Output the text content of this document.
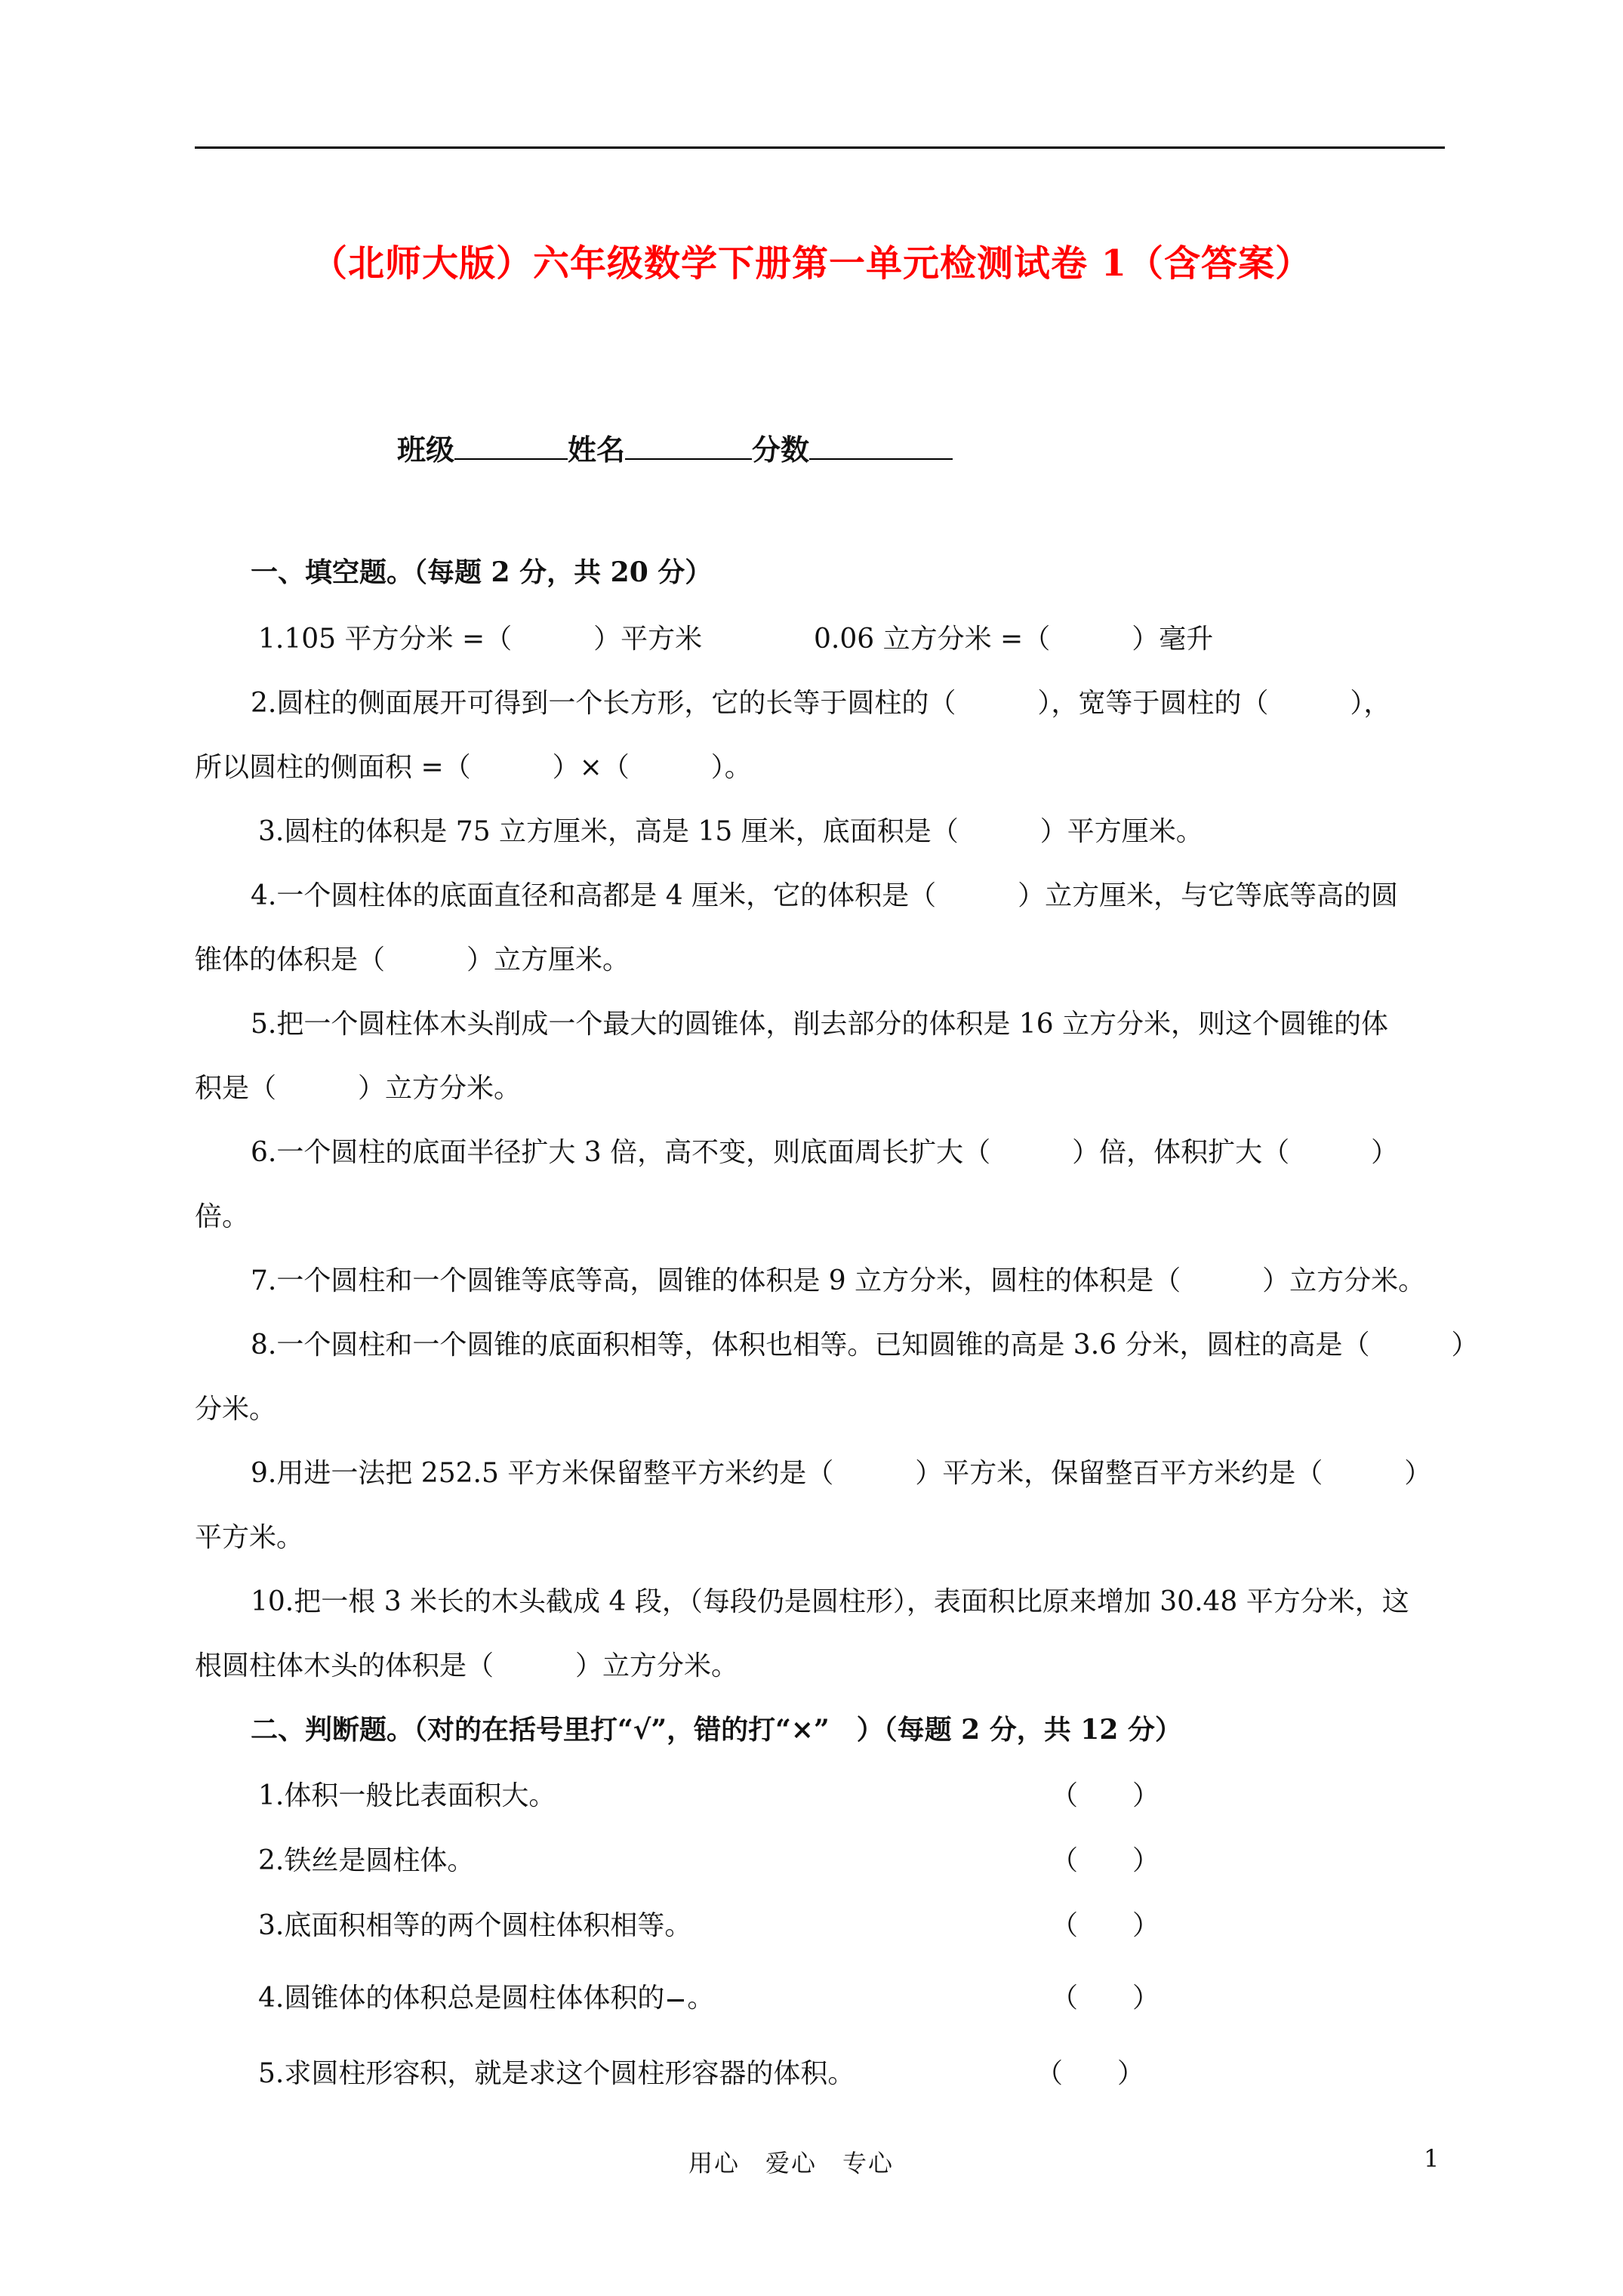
（北师大版）六年级数学下册第一单元检测试卷 1（含答案）
班级	姓名	分数
一、填空题。（每题 2 分，共 20 分）
1.105 平方分米 =（　　　）平方米	0.06 立方分米 =（　　　）毫升
2.圆柱的侧面展开可得到一个长方形，它的长等于圆柱的（　　　），宽等于圆柱的（　　　），
所以圆柱的侧面积 =（　　　）×（　　　）。
3.圆柱的体积是 75 立方厘米，高是 15 厘米，底面积是（　　　）平方厘米。
4.一个圆柱体的底面直径和高都是 4 厘米，它的体积是（　　　）立方厘米，与它等底等高的圆
锥体的体积是（　　　）立方厘米。
5.把一个圆柱体木头削成一个最大的圆锥体，削去部分的体积是 16 立方分米，则这个圆锥的体
积是（　　　）立方分米。
6.一个圆柱的底面半径扩大 3 倍，高不变，则底面周长扩大（　　　）倍，体积扩大（　　　）
倍。
7.一个圆柱和一个圆锥等底等高，圆锥的体积是 9 立方分米，圆柱的体积是（　　　）立方分米。
8.一个圆柱和一个圆锥的底面积相等，体积也相等。已知圆锥的高是 3.6 分米，圆柱的高是（　　　）
分米。
9.用进一法把 252.5 平方米保留整平方米约是（　　　）平方米，保留整百平方米约是（　　　）
平方米。
10.把一根 3 米长的木头截成 4 段，（每段仍是圆柱形），表面积比原来增加 30.48 平方分米，这
根圆柱体木头的体积是（　　　）立方分米。
二、判断题。（对的在括号里打“√”，错的打“×”　）（每题 2 分，共 12 分）
1.体积一般比表面积大。	（　　）
2.铁丝是圆柱体。	（　　）
3.底面积相等的两个圆柱体积相等。	（　　）
4.圆锥体的体积总是圆柱体体积的 。	（　　）
5.求圆柱形容积，就是求这个圆柱形容器的体积。	（　　）
用心　爱心　专心	1
